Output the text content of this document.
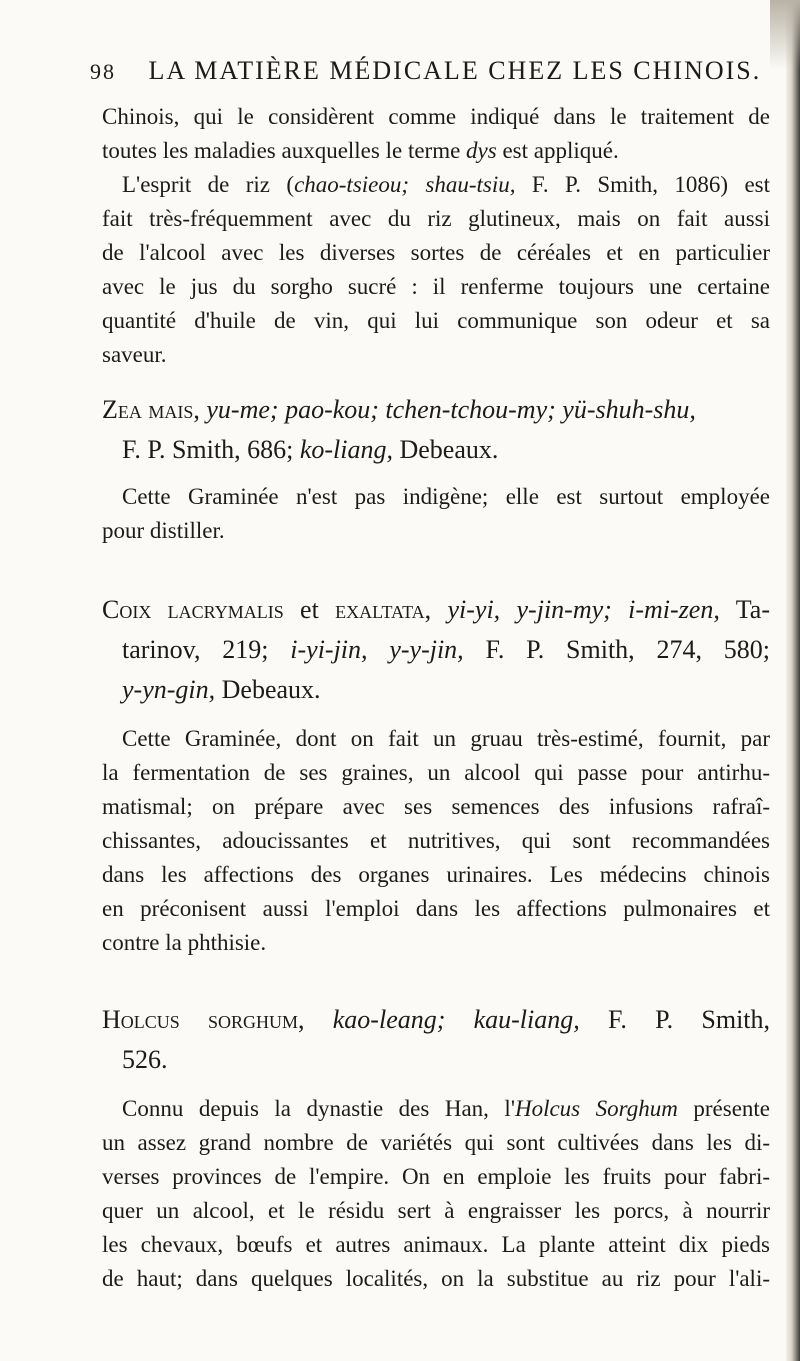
98 LA MATIÈRE MÉDICALE CHEZ LES CHINOIS.
Chinois, qui le considèrent comme indiqué dans le traitement de
toutes les maladies auxquelles le terme dys est appliqué.
L'esprit de riz (chao-tsieou; shau-tsiu, F. P. Smith, 1086) est
fait très-fréquemment avec du riz glutineux, mais on fait aussi
de l'alcool avec les diverses sortes de céréales et en particulier
avec le jus du sorgho sucré : il renferme toujours une certaine
quantité d'huile de vin, qui lui communique son odeur et sa
saveur.
Zea mais, yu-me; pao-kou; tchen-tchou-my; yü-shuh-shu,
F. P. Smith, 686; ko-liang, Debeaux.
Cette Graminée n'est pas indigène; elle est surtout employée
pour distiller.
Coix lacrymalis et exaltata, yi-yi, y-jin-my; i-mi-zen, Ta-
tarinov, 219; i-yi-jin, y-y-jin, F. P. Smith, 274, 580;
y-yn-gin, Debeaux.
Cette Graminée, dont on fait un gruau très-estimé, fournit, par
la fermentation de ses graines, un alcool qui passe pour antirhu-
matismal; on prépare avec ses semences des infusions rafraî-
chissantes, adoucissantes et nutritives, qui sont recommandées
dans les affections des organes urinaires. Les médecins chinois
en préconisent aussi l'emploi dans les affections pulmonaires et
contre la phthisie.
Holcus sorghum, kao-leang; kau-liang, F. P. Smith,
526.
Connu depuis la dynastie des Han, l'Holcus Sorghum présente
un assez grand nombre de variétés qui sont cultivées dans les di-
verses provinces de l'empire. On en emploie les fruits pour fabri-
quer un alcool, et le résidu sert à engraisser les porcs, à nourrir
les chevaux, bœufs et autres animaux. La plante atteint dix pieds
de haut; dans quelques localités, on la substitue au riz pour l'ali-
